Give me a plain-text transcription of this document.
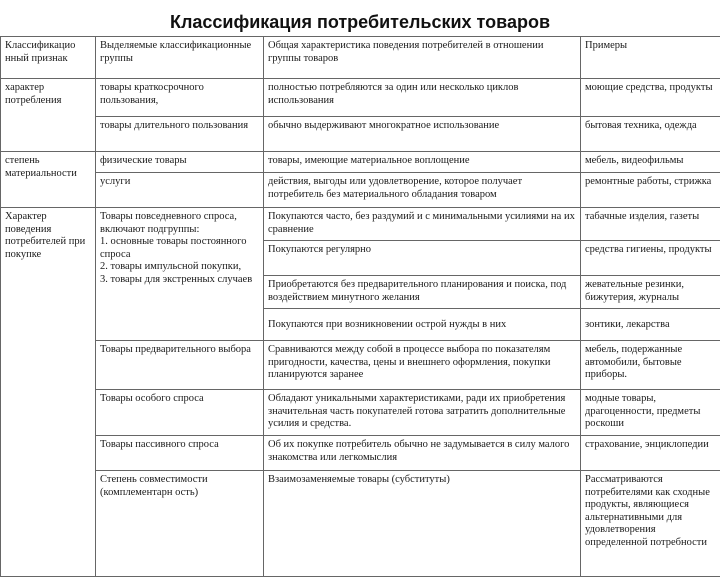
Классификация потребительских товаров
Классификацио нный признак	Выделяемые классификационные группы	Общая характеристика поведения потребителей в отношении группы товаров	Примеры	
характер потребления	товары краткосрочного пользования,	полностью потребляются за один или несколько циклов использования	моющие средства, продукты	
	товары длительного пользования	обычно выдерживают многократное использование	бытовая техника, одежда	
степень материальности	физические товары	товары, имеющие материальное воплощение	мебель, видеофильмы	
	услуги	действия, выгоды или удовлетворение, которое получает потребитель без материального обладания товаром	ремонтные работы, стрижка	
Характер поведения потребителей при покупке	Товары повседневного спроса, включают подгруппы:
1. основные товары постоянного спроса
2. товары импульсной покупки,
3. товары для экстренных случаев	Покупаются часто, без раздумий и с минимальными усилиями на их сравнение	табачные изделия, газеты	
		Покупаются регулярно	средства гигиены, продукты	
		Приобретаются без предварительного планирования и поиска, под воздействием минутного желания	жевательные резинки, бижутерия, журналы	
		Покупаются при возникновении острой нужды в них	зонтики, лекарства	
	Товары предварительного выбора	Сравниваются между собой в процессе выбора по показателям пригодности, качества, цены и внешнего оформления, покупки планируются заранее	мебель, подержанные автомобили, бытовые приборы.	
	Товары особого спроса	Обладают уникальными характеристиками, ради их приобретения значительная часть покупателей готова затратить дополнительные усилия и средства.	модные товары, драгоценности, предметы роскоши	
	Товары пассивного спроса	Об их покупке потребитель обычно не задумывается в силу малого знакомства или легкомыслия	страхование, энциклопедии	
	Степень совместимости (комплементарн ость)	Взаимозаменяемые товары (субституты)	Рассматриваются потребителями как сходные продукты, являющиеся альтернативными для удовлетворения определенной потребности	
